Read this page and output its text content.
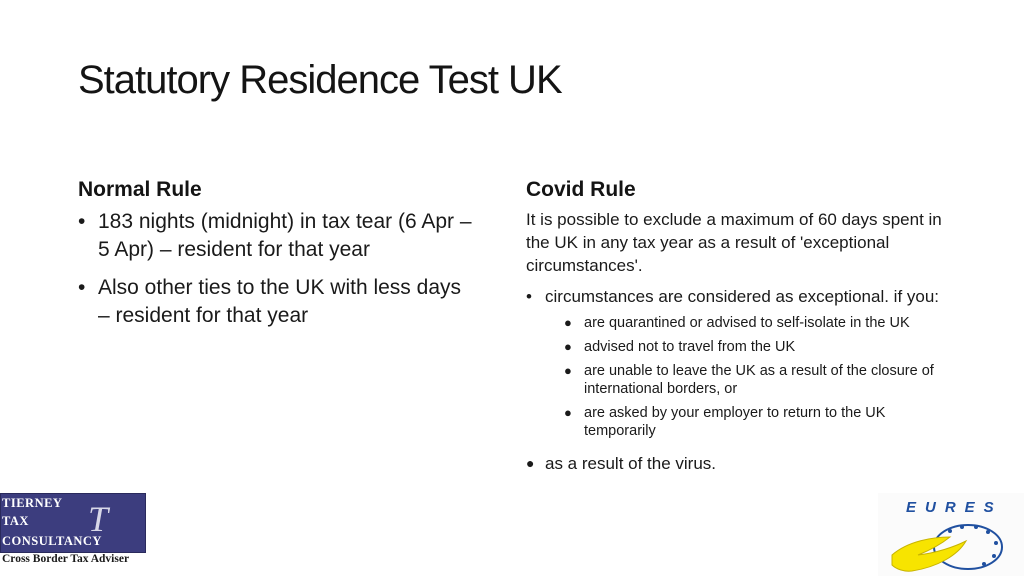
Statutory Residence Test UK
Normal Rule
• 183 nights (midnight) in tax tear (6 Apr – 5 Apr) – resident for that year
• Also other ties to the UK with less days – resident for that year
Covid Rule
It is possible to exclude a maximum of 60 days spent in the UK in any tax year as a result of 'exceptional circumstances'.
• circumstances are considered as exceptional. if you:
● are quarantined or advised to self-isolate in the UK
● advised not to travel from the UK
● are unable to leave the UK as a result of the closure of international borders, or
● are asked by your employer to return to the UK temporarily
● as a result of the virus.
TIERNEY
TAX
CONSULTANCY
T
Cross Border Tax Adviser
EURES
